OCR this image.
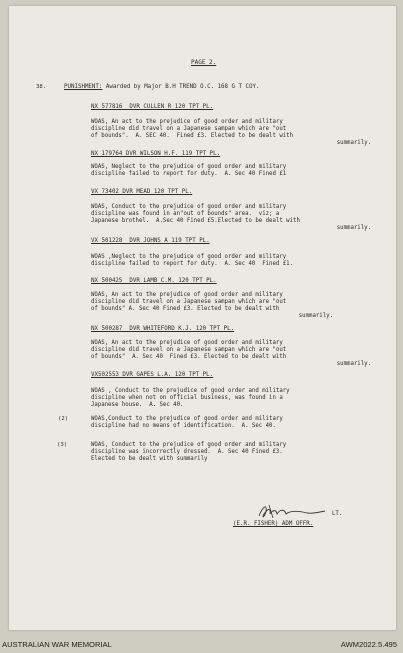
PAGE 2.
38.	PUNISHMENT: Awarded by Major B.H TREND O.C. 168 G T COY.
NX 577816  DVR CULLEN R 120 TPT PL.
WOAS, An act to the prejudice of good order and military
discipline did travel on a Japanese sampan which are "out
of bounds".  A. SEC 40.  Fined £3. Elected to be dealt with
summarily.
NX 179764 DVR WILSON H.F. 119 TPT PL.
WOAS, Neglect to the prejudice of good order and military
discipline failed to report for duty.  A. Sec 40 Fined £1
VX 73402 DVR MEAD 120 TPT PL.
WOAS, Conduct to the prejudice of good order and military
discipline was found in an"out of bounds" area.  viz; a
Japanese brothel.  A.Sec 40 Fined £5.Elected to be dealt with
summarily.
VX 501228  DVR JOHNS A 119 TPT PL.
WOAS ,Neglect to the prejudice of good order and military
discipline failed to report for duty.  A. Sec 40  Fined £1.
NX 500425  DVR LAMB C.M. 120 TPT PL.
WOAS, An act to the prejudice of good order and military
discipline did travel on a Japanese sampan which are "out
of bounds" A. Sec 40 Fined £3. Elected to be dealt with
summarily.
NX 500287  DVR WHITEFORD K.J. 120 TPT PL.
WOAS, An act to the prejudice of good order and military
discipline did travel on a Japanese sampan which are "out
of bounds"  A. Sec 40  Fined £3. Elected to be dealt with
summarily.
VX502553 DVR GAPES L.A. 120 TPT PL.
WOAS , Conduct to the prejudice of good order and military
discipline when not on official business, was found in a
Japanese house.  A. Sec 40.
(2)	WOAS,Conduct to the prejudice of good order and military
discipline had no means of identification.  A. Sec 40.
(3)	WOAS, Conduct to the prejudice of good order and military
discipline was incorrectly dressed.  A. Sec 40 Fined £3.
Elected to be dealt with summarily
LT.
(E.R. FISHER) ADM OFFR.
AUSTRALIAN WAR MEMORIAL	AWM2022.5.495
